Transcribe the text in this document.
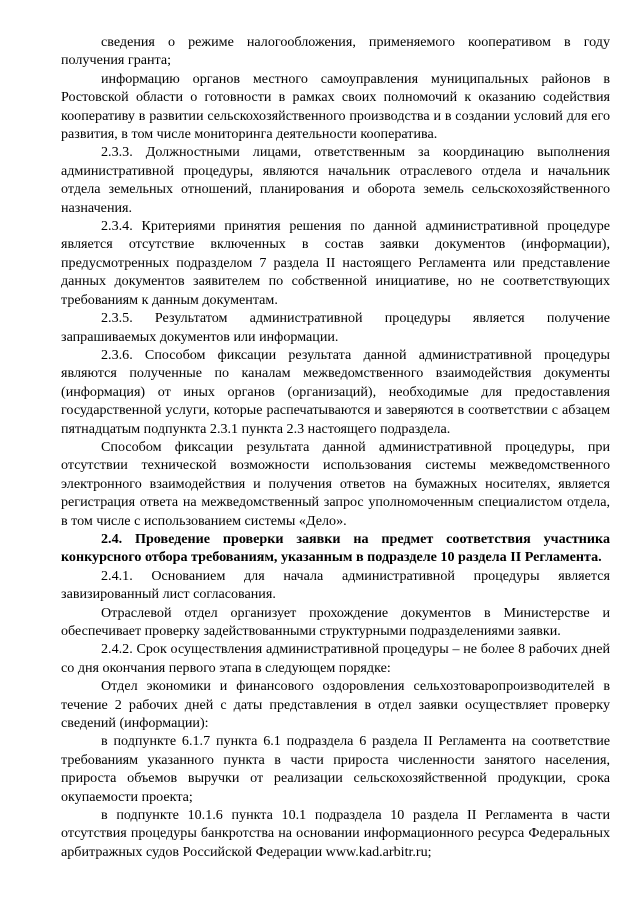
сведения о режиме налогообложения, применяемого кооперативом в году получения гранта;

информацию органов местного самоуправления муниципальных районов в Ростовской области о готовности в рамках своих полномочий к оказанию содействия кооперативу в развитии сельскохозяйственного производства и в создании условий для его развития, в том числе мониторинга деятельности кооператива.

2.3.3. Должностными лицами, ответственным за координацию выполнения административной процедуры, являются начальник отраслевого отдела и начальник отдела земельных отношений, планирования и оборота земель сельскохозяйственного назначения.

2.3.4. Критериями принятия решения по данной административной процедуре является отсутствие включенных в состав заявки документов (информации), предусмотренных подразделом 7 раздела II настоящего Регламента или представление данных документов заявителем по собственной инициативе, но не соответствующих требованиям к данным документам.

2.3.5. Результатом административной процедуры является получение запрашиваемых документов или информации.

2.3.6. Способом фиксации результата данной административной процедуры являются полученные по каналам межведомственного взаимодействия документы (информация) от иных органов (организаций), необходимые для предоставления государственной услуги, которые распечатываются и заверяются в соответствии с абзацем пятнадцатым подпункта 2.3.1 пункта 2.3 настоящего подраздела.

Способом фиксации результата данной административной процедуры, при отсутствии технической возможности использования системы межведомственного электронного взаимодействия и получения ответов на бумажных носителях, является регистрация ответа на межведомственный запрос уполномоченным специалистом отдела, в том числе с использованием системы «Дело».

2.4. Проведение проверки заявки на предмет соответствия участника конкурсного отбора требованиям, указанным в подразделе 10 раздела II Регламента.

2.4.1. Основанием для начала административной процедуры является завизированный лист согласования.

Отраслевой отдел организует прохождение документов в Министерстве и обеспечивает проверку задействованными структурными подразделениями заявки.

2.4.2. Срок осуществления административной процедуры – не более 8 рабочих дней со дня окончания первого этапа в следующем порядке:

Отдел экономики и финансового оздоровления сельхозтоваропроизводителей в течение 2 рабочих дней с даты представления в отдел заявки осуществляет проверку сведений (информации):

в подпункте 6.1.7 пункта 6.1 подраздела 6 раздела II Регламента на соответствие требованиям указанного пункта в части прироста численности занятого населения, прироста объемов выручки от реализации сельскохозяйственной продукции, срока окупаемости проекта;

в подпункте 10.1.6 пункта 10.1 подраздела 10 раздела II Регламента в части отсутствия процедуры банкротства на основании информационного ресурса Федеральных арбитражных судов Российской Федерации www.kad.arbitr.ru;
